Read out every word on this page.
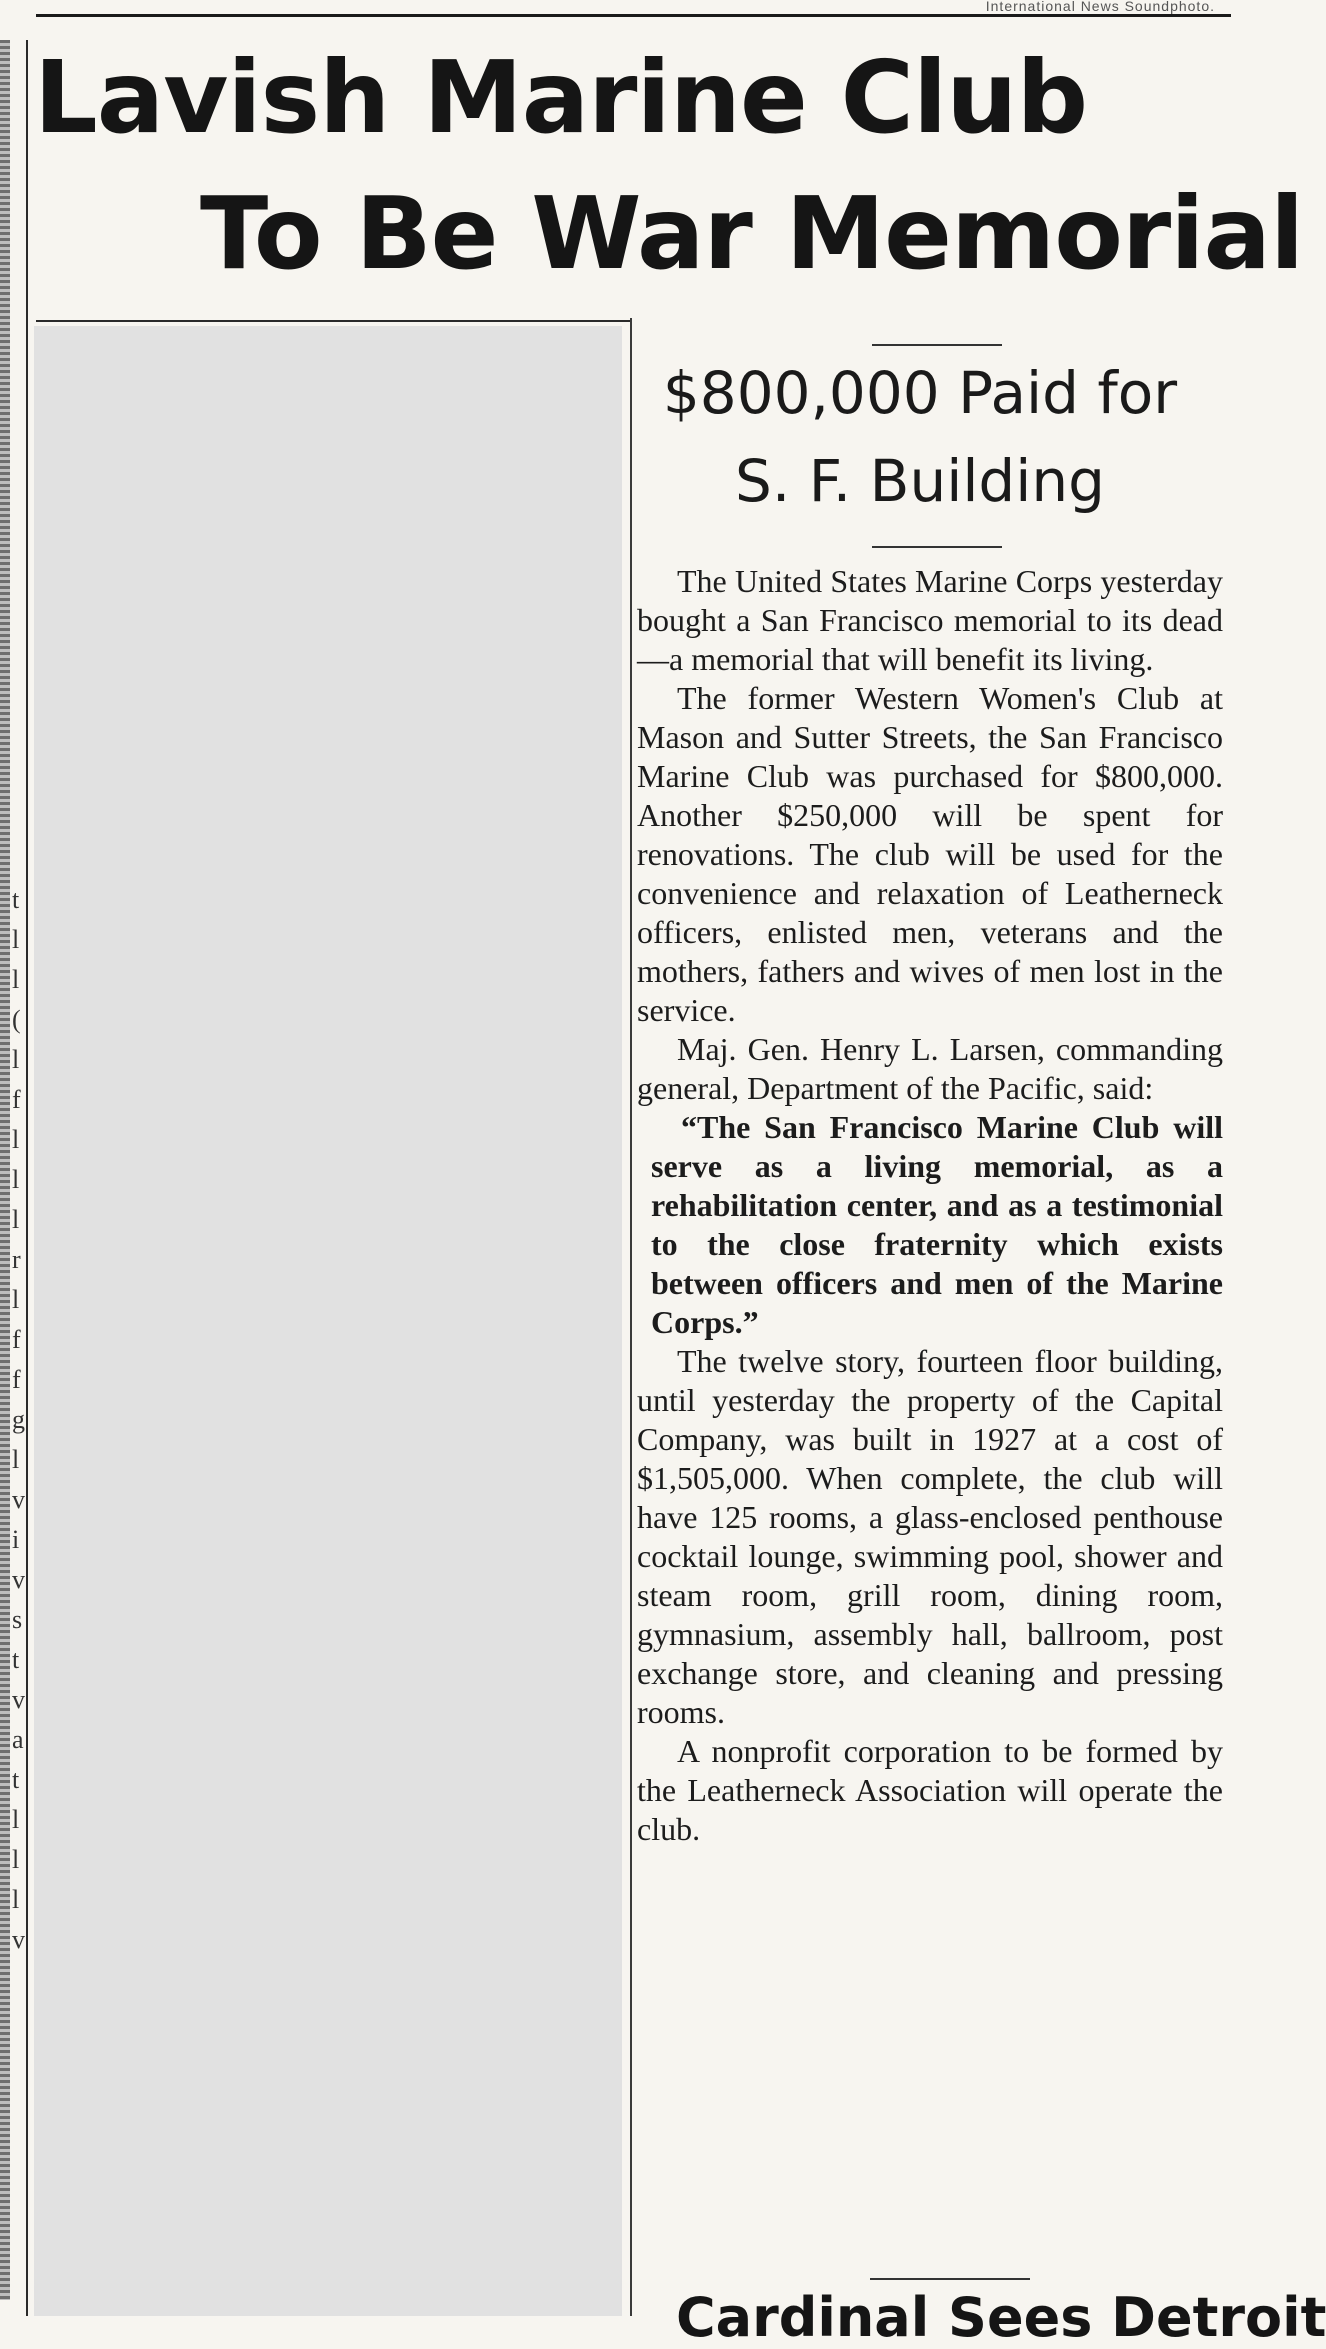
International News Soundphoto.
Lavish Marine Club
To Be War Memorial
t l l ( l f l l l r l f f g l v i v s t v a t l l l v
$800,000 Paid for
S. F. Building

The United States Marine Corps yesterday bought a San Francisco memorial to its dead—a memorial that will benefit its living.

The former Western Women's Club at Mason and Sutter Streets, the San Francisco Marine Club was purchased for $800,000. Another $250,000 will be spent for renovations. The club will be used for the convenience and relaxation of Leatherneck officers, enlisted men, veterans and the mothers, fathers and wives of men lost in the service.

Maj. Gen. Henry L. Larsen, commanding general, Department of the Pacific, said:

“The San Francisco Marine Club will serve as a living memorial, as a rehabilitation center, and as a testimonial to the close fraternity which exists between officers and men of the Marine Corps.”

The twelve story, fourteen floor building, until yesterday the property of the Capital Company, was built in 1927 at a cost of $1,505,000. When complete, the club will have 125 rooms, a glass-enclosed penthouse cocktail lounge, swimming pool, shower and steam room, grill room, dining room, gymnasium, assembly hall, ballroom, post exchange store, and cleaning and pressing rooms.

A nonprofit corporation to be formed by the Leatherneck Association will operate the club.

Cardinal Sees Detroit
